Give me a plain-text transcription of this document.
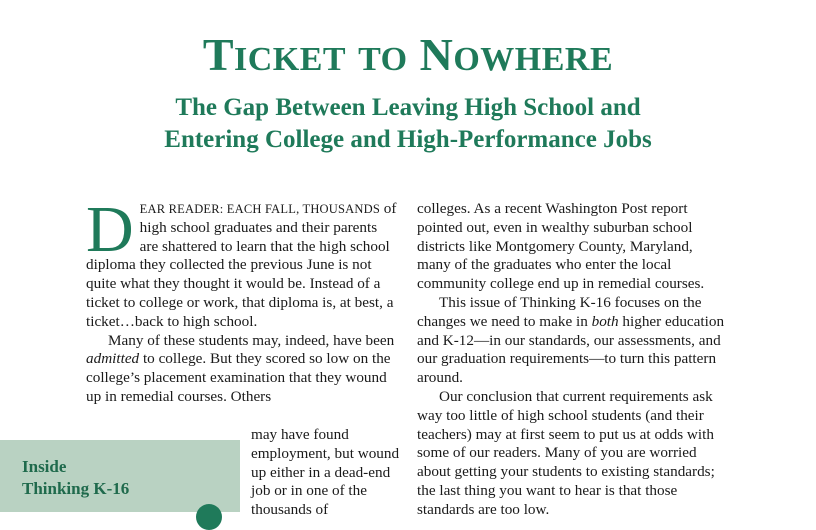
TICKET TO NOWHERE
The Gap Between Leaving High School and
Entering College and High-Performance Jobs

DEAR READER: EACH FALL, THOUSANDS of high school graduates and their parents are shattered to learn that the high school diploma they collected the previous June is not quite what they thought it would be. Instead of a ticket to college or work, that diploma is, at best, a ticket…back to high school.

Many of these students may, indeed, have been admitted to college. But they scored so low on the college’s placement examination that they wound up in remedial courses. Others

may have found employment, but wound up either in a dead-end job or in one of the thousands of

colleges. As a recent Washington Post report pointed out, even in wealthy suburban school districts like Montgomery County, Maryland, many of the graduates who enter the local community college end up in remedial courses.

This issue of Thinking K-16 focuses on the changes we need to make in both higher education and K-12—in our standards, our assessments, and our graduation requirements—to turn this pattern around.

Our conclusion that current requirements ask way too little of high school students (and their teachers) may at first seem to put us at odds with some of our readers. Many of you are worried about getting your students to existing standards; the last thing you want to hear is that those standards are too low.

Inside
Thinking K-16
